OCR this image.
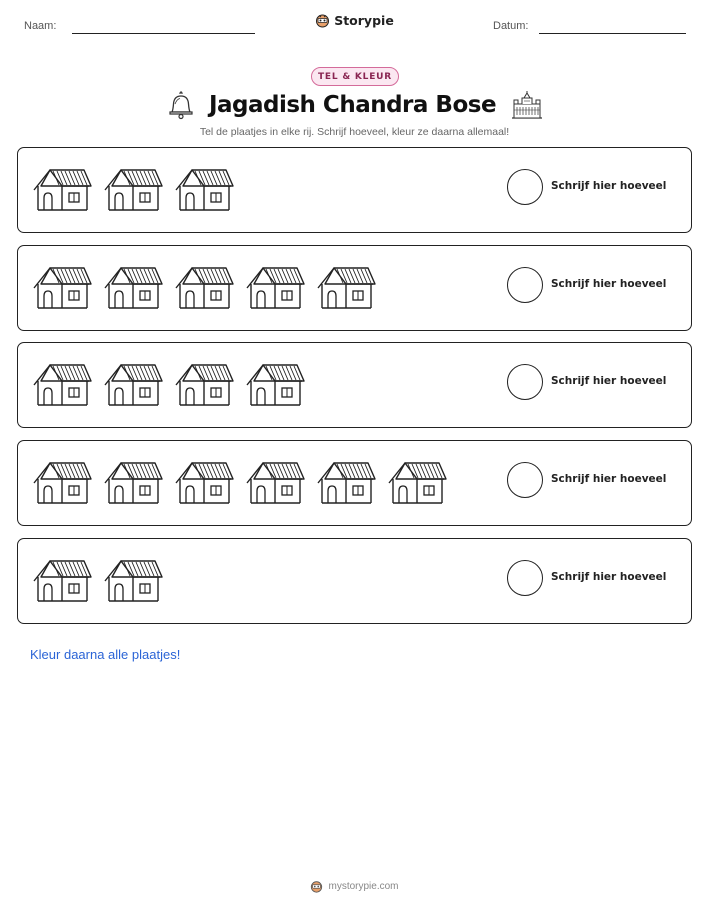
Naam:	Storypie	Datum:
TEL & KLEUR
Jagadish Chandra Bose
Tel de plaatjes in elke rij. Schrijf hoeveel, kleur ze daarna allemaal!
Schrijf hier hoeveel
Schrijf hier hoeveel
Schrijf hier hoeveel
Schrijf hier hoeveel
Schrijf hier hoeveel
Kleur daarna alle plaatjes!
mystorypie.com
